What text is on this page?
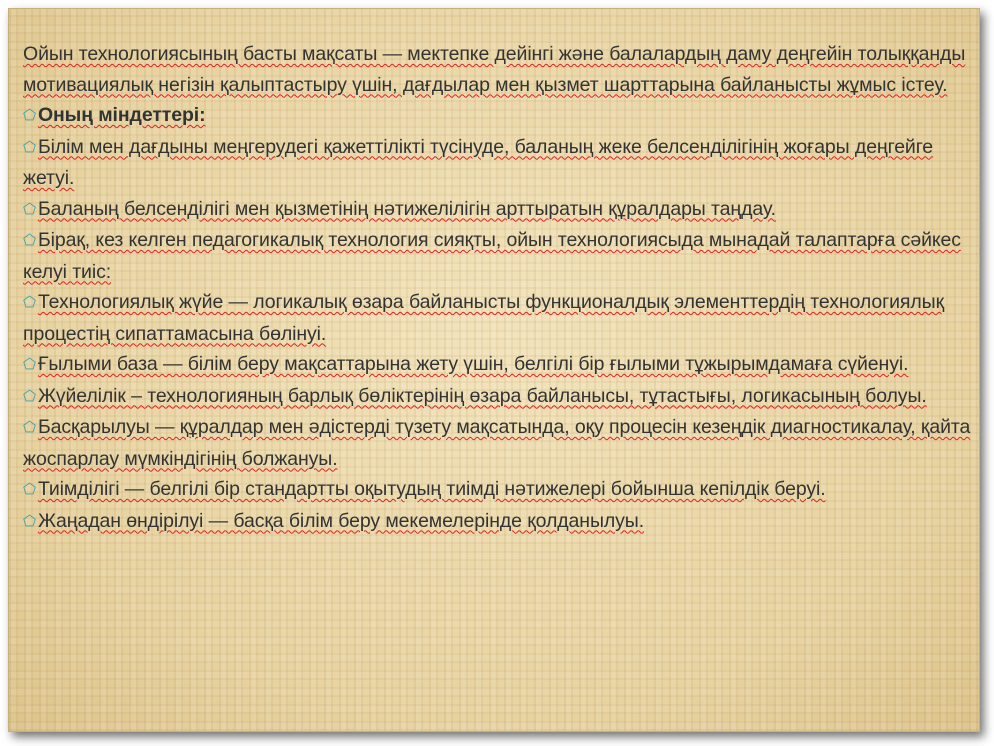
Ойын технологиясының басты мақсаты — мектепке дейінгі және балалардың даму деңгейін толыққанды мотивациялық негізін қалыптастыру үшін, дағдылар мен қызмет шарттарына байланысты жұмыс істеу.

⬠ Оның міндеттері:

⬠ Білім мен дағдыны меңгерудегі қажеттілікті түсінуде, баланың жеке белсенділігінің жоғары деңгейге жетуі.

⬠ Баланың белсенділігі мен қызметінің нәтижелілігін арттыратын құралдары таңдау.

⬠ Бірақ, кез келген педагогикалық технология сияқты, ойын технологиясыда мынадай талаптарға сәйкес келуі тиіс:

⬠ Технологиялық жүйе — логикалық өзара байланысты функционалдық элементтердің технологиялық процестің сипаттамасына бөлінуі.

⬠ Ғылыми база — білім беру мақсаттарына жету үшін, белгілі бір ғылыми тұжырымдамаға сүйенуі.

⬠ Жүйелілік – технологияның барлық бөліктерінің өзара байланысы, тұтастығы, логикасының болуы.

⬠ Басқарылуы — құралдар мен әдістерді түзету мақсатында, оқу процесін кезеңдік диагностикалау, қайта жоспарлау мүмкіндігінің болжануы.

⬠ Тиімділігі — белгілі бір стандартты оқытудың тиімді нәтижелері бойынша кепілдік беруі.

⬠ Жаңадан өндірілуі — басқа білім беру мекемелерінде қолданылуы.
